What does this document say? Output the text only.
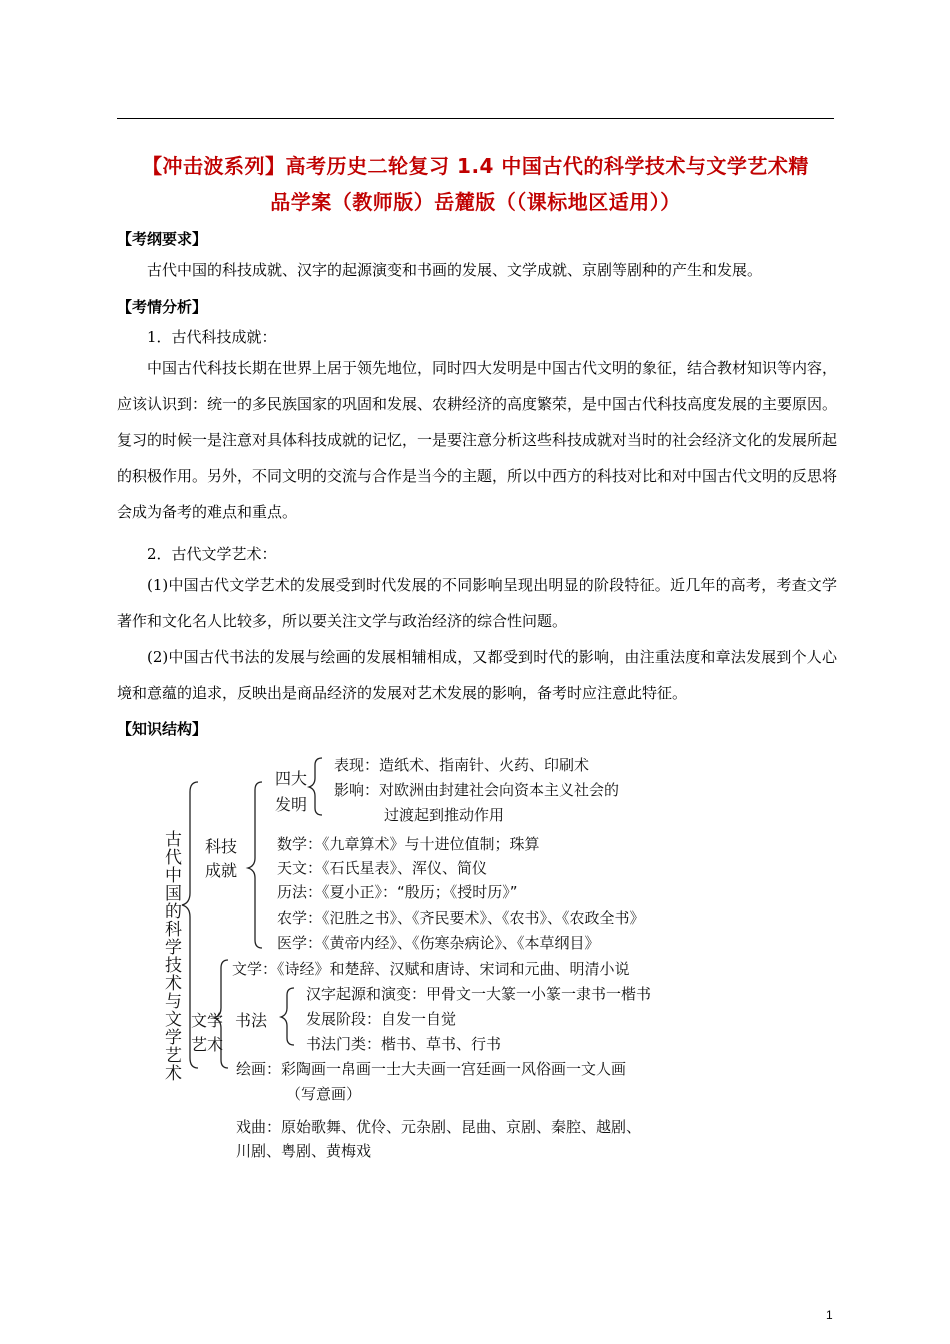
【冲击波系列】高考历史二轮复习 1.4 中国古代的科学技术与文学艺术精
品学案（教师版）岳麓版（（课标地区适用））
【考纲要求】

古代中国的科技成就、汉字的起源演变和书画的发展、文学成就、京剧等剧种的产生和发展。

【考情分析】
1．古代科技成就：

中国古代科技长期在世界上居于领先地位，同时四大发明是中国古代文明的象征，结合教材知识等内容，应该认识到：统一的多民族国家的巩固和发展、农耕经济的高度繁荣，是中国古代科技高度发展的主要原因。复习的时候一是注意对具体科技成就的记忆，一是要注意分析这些科技成就对当时的社会经济文化的发展所起的积极作用。另外，不同文明的交流与合作是当今的主题，所以中西方的科技对比和对中国古代文明的反思将会成为备考的难点和重点。

2．古代文学艺术：

(1)中国古代文学艺术的发展受到时代发展的不同影响呈现出明显的阶段特征。近几年的高考，考查文学著作和文化名人比较多，所以要关注文学与政治经济的综合性问题。

(2)中国古代书法的发展与绘画的发展相辅相成，又都受到时代的影响，由注重法度和章法发展到个人心境和意蕴的追求，反映出是商品经济的发展对艺术发展的影响，备考时应注意此特征。

【知识结构】
古代中国的科学技术与文学艺术 科技
成就
四大
发明
表现：造纸术、指南针、火药、印刷术
影响：对欧洲由封建社会向资本主义社会的
过渡起到推动作用
数学：《九章算术》与十进位值制；珠算
天文：《石氏星表》、浑仪、简仪
历法：《夏小正》：“殷历；《授时历》”
农学：《氾胜之书》、《齐民要术》、《农书》、《农政全书》
医学：《黄帝内经》、《伤寒杂病论》、《本草纲目》
文学
艺术
文学：《诗经》和楚辞、汉赋和唐诗、宋词和元曲、明清小说
书法
汉字起源和演变：甲骨文一大篆一小篆一隶书一楷书
发展阶段：自发一自觉
书法门类：楷书、草书、行书
绘画：彩陶画一帛画一士大夫画一宫廷画一风俗画一文人画
（写意画）
戏曲：原始歌舞、优伶、元杂剧、昆曲、京剧、秦腔、越剧、
川剧、粤剧、黄梅戏
1
